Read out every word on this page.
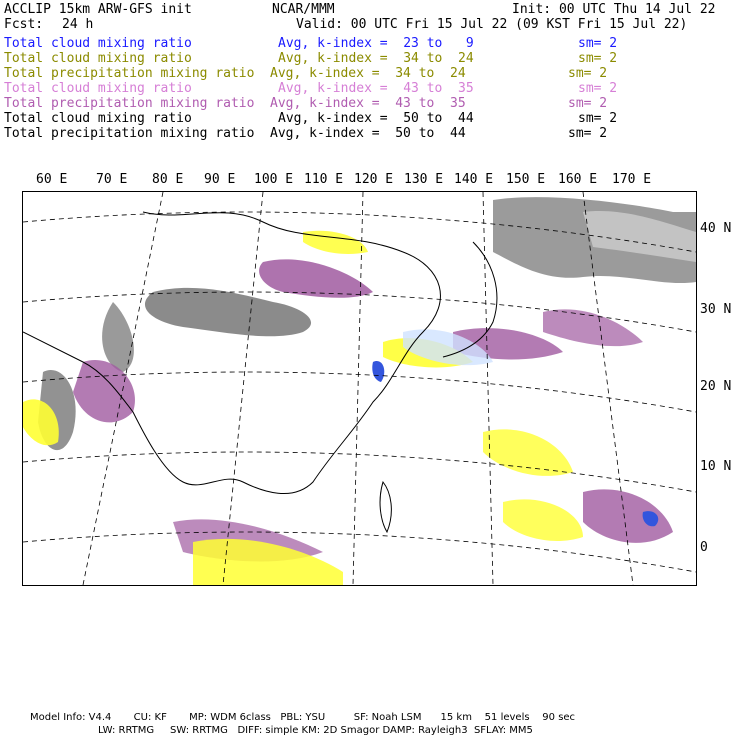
ACCLIP 15km ARW-GFS init	NCAR/MMM	Init: 00 UTC Thu 14 Jul 22
Fcst: 24 h	Valid: 00 UTC Fri 15 Jul 22 (09 KST Fri 15 Jul 22)
Total cloud mixing ratio	Avg, k-index =  23 to   9	sm= 2
Total cloud mixing ratio	Avg, k-index =  34 to  24	sm= 2
Total precipitation mixing ratio Avg, k-index =  34 to  24	sm= 2
Total cloud mixing ratio	Avg, k-index =  43 to  35	sm= 2
Total precipitation mixing ratio Avg, k-index =  43 to  35	sm= 2
Total cloud mixing ratio	Avg, k-index =  50 to  44	sm= 2
Total precipitation mixing ratio Avg, k-index =  50 to  44	sm= 2
60 E 70 E 80 E 90 E 100 E 110 E 120 E 130 E 140 E 150 E 160 E 170 E
40 N
30 N
20 N
10 N
0
Model Info: V4.4       CU: KF       MP: WDM 6class   PBL: YSU         SF: Noah LSM      15 km    51 levels    90 sec
LW: RRTMG     SW: RRTMG   DIFF: simple KM: 2D Smagor DAMP: Rayleigh3  SFLAY: MM5
